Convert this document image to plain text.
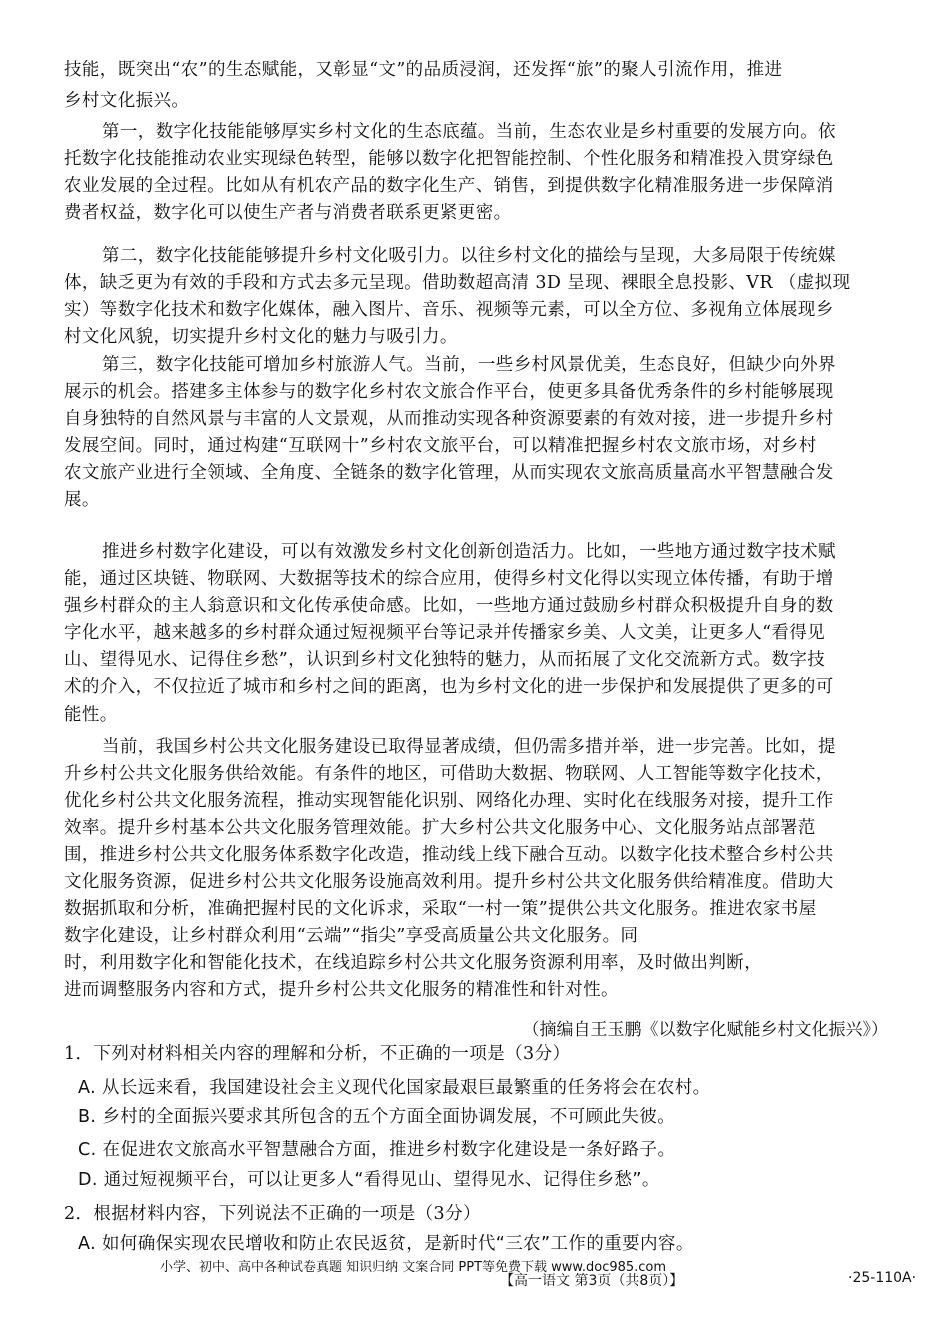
技能，既突出“农”的生态赋能，又彰显“文”的品质浸润，还发挥“旅”的聚人引流作用，推进
乡村文化振兴。
第一，数字化技能能够厚实乡村文化的生态底蕴。当前，生态农业是乡村重要的发展方向。依
托数字化技能推动农业实现绿色转型，能够以数字化把智能控制、个性化服务和精准投入贯穿绿色
农业发展的全过程。比如从有机农产品的数字化生产、销售，到提供数字化精准服务进一步保障消
费者权益，数字化可以使生产者与消费者联系更紧更密。
第二，数字化技能能够提升乡村文化吸引力。以往乡村文化的描绘与呈现，大多局限于传统媒
体，缺乏更为有效的手段和方式去多元呈现。借助数超高清 3D 呈现、裸眼全息投影、VR （虚拟现
实）等数字化技术和数字化媒体，融入图片、音乐、视频等元素，可以全方位、多视角立体展现乡
村文化风貌，切实提升乡村文化的魅力与吸引力。
第三，数字化技能可增加乡村旅游人气。当前，一些乡村风景优美，生态良好，但缺少向外界
展示的机会。搭建多主体参与的数字化乡村农文旅合作平台，使更多具备优秀条件的乡村能够展现
自身独特的自然风景与丰富的人文景观，从而推动实现各种资源要素的有效对接，进一步提升乡村
发展空间。同时，通过构建“互联网十”乡村农文旅平台，可以精准把握乡村农文旅市场，对乡村
农文旅产业进行全领域、全角度、全链条的数字化管理，从而实现农文旅高质量高水平智慧融合发
展。
推进乡村数字化建设，可以有效激发乡村文化创新创造活力。比如，一些地方通过数字技术赋
能，通过区块链、物联网、大数据等技术的综合应用，使得乡村文化得以实现立体传播，有助于增
强乡村群众的主人翁意识和文化传承使命感。比如，一些地方通过鼓励乡村群众积极提升自身的数
字化水平，越来越多的乡村群众通过短视频平台等记录并传播家乡美、人文美，让更多人“看得见
山、望得见水、记得住乡愁”，认识到乡村文化独特的魅力，从而拓展了文化交流新方式。数字技
术的介入，不仅拉近了城市和乡村之间的距离，也为乡村文化的进一步保护和发展提供了更多的可
能性。
当前，我国乡村公共文化服务建设已取得显著成绩，但仍需多措并举，进一步完善。比如，提
升乡村公共文化服务供给效能。有条件的地区，可借助大数据、物联网、人工智能等数字化技术，
优化乡村公共文化服务流程，推动实现智能化识别、网络化办理、实时化在线服务对接，提升工作
效率。提升乡村基本公共文化服务管理效能。扩大乡村公共文化服务中心、文化服务站点部署范
围，推进乡村公共文化服务体系数字化改造，推动线上线下融合互动。以数字化技术整合乡村公共
文化服务资源，促进乡村公共文化服务设施高效利用。提升乡村公共文化服务供给精准度。借助大
数据抓取和分析，准确把握村民的文化诉求，采取“一村一策”提供公共文化服务。推进农家书屋
数字化建设，让乡村群众利用“云端”“指尖”享受高质量公共文化服务。同
时，利用数字化和智能化技术，在线追踪乡村公共文化服务资源利用率，及时做出判断，
进而调整服务内容和方式，提升乡村公共文化服务的精准性和针对性。
（摘编自王玉鹏《以数字化赋能乡村文化振兴》）
1．下列对材料相关内容的理解和分析，不正确的一项是（3分）
A. 从长远来看，我国建设社会主义现代化国家最艰巨最繁重的任务将会在农村。
B. 乡村的全面振兴要求其所包含的五个方面全面协调发展，不可顾此失彼。
C. 在促进农文旅高水平智慧融合方面，推进乡村数字化建设是一条好路子。
D. 通过短视频平台，可以让更多人“看得见山、望得见水、记得住乡愁”。
2．根据材料内容，下列说法不正确的一项是（3分）
A. 如何确保实现农民增收和防止农民返贫，是新时代“三农”工作的重要内容。
小学、初中、高中各种试卷真题 知识归纳 文案合同 PPT等免费下载 www.doc985.com
【高一语文 第3页（共8页）】	·25-110A·
